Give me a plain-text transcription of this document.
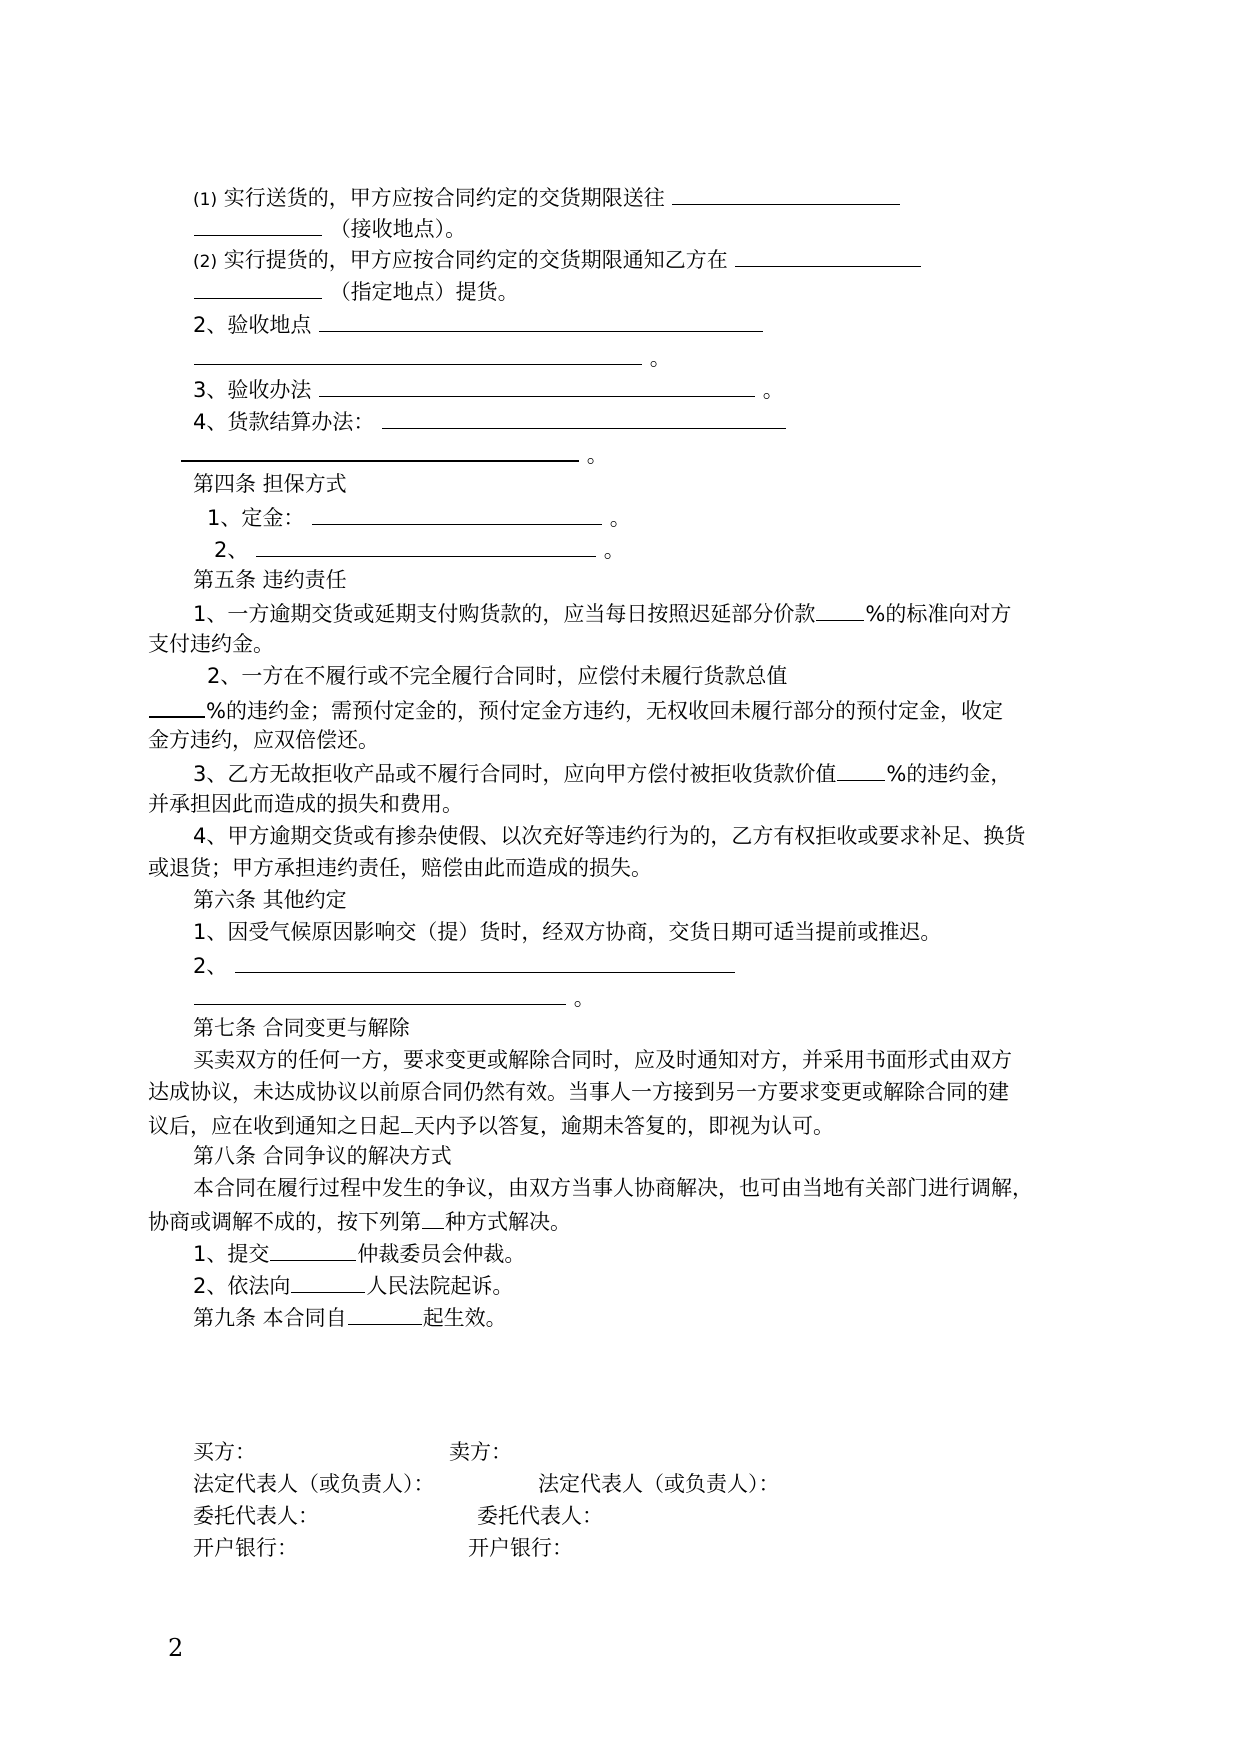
(1) 实行送货的，甲方应按合同约定的交货期限送往
（接收地点）。
(2) 实行提货的，甲方应按合同约定的交货期限通知乙方在
（指定地点）提货。
2、验收地点
。
3、验收办法	。
4、货款结算办法：
。
第四条 担保方式
1、定金：	。
2、	。
第五条 违约责任
1、一方逾期交货或延期支付购货款的，应当每日按照迟延部分价款 %的标准向对方
支付违约金。
2、一方在不履行或不完全履行合同时，应偿付未履行货款总值
%的违约金；需预付定金的，预付定金方违约，无权收回未履行部分的预付定金，收定
金方违约，应双倍偿还。
3、乙方无故拒收产品或不履行合同时，应向甲方偿付被拒收货款价值 %的违约金，
并承担因此而造成的损失和费用。
4、甲方逾期交货或有掺杂使假、以次充好等违约行为的，乙方有权拒收或要求补足、换货
或退货；甲方承担违约责任，赔偿由此而造成的损失。
第六条 其他约定
1、因受气候原因影响交（提）货时，经双方协商，交货日期可适当提前或推迟。
2、
。
第七条 合同变更与解除
买卖双方的任何一方，要求变更或解除合同时，应及时通知对方，并采用书面形式由双方
达成协议，未达成协议以前原合同仍然有效。当事人一方接到另一方要求变更或解除合同的建
议后，应在收到通知之日起 天内予以答复，逾期未答复的，即视为认可。
第八条 合同争议的解决方式
本合同在履行过程中发生的争议，由双方当事人协商解决，也可由当地有关部门进行调解，
协商或调解不成的，按下列第 种方式解决。
1、提交	仲裁委员会仲裁。
2、依法向	人民法院起诉。
第九条 本合同自	起生效。
买方：	卖方：
法定代表人（或负责人）：	法定代表人（或负责人）：
委托代表人：	委托代表人：
开户银行：	开户银行：
2
